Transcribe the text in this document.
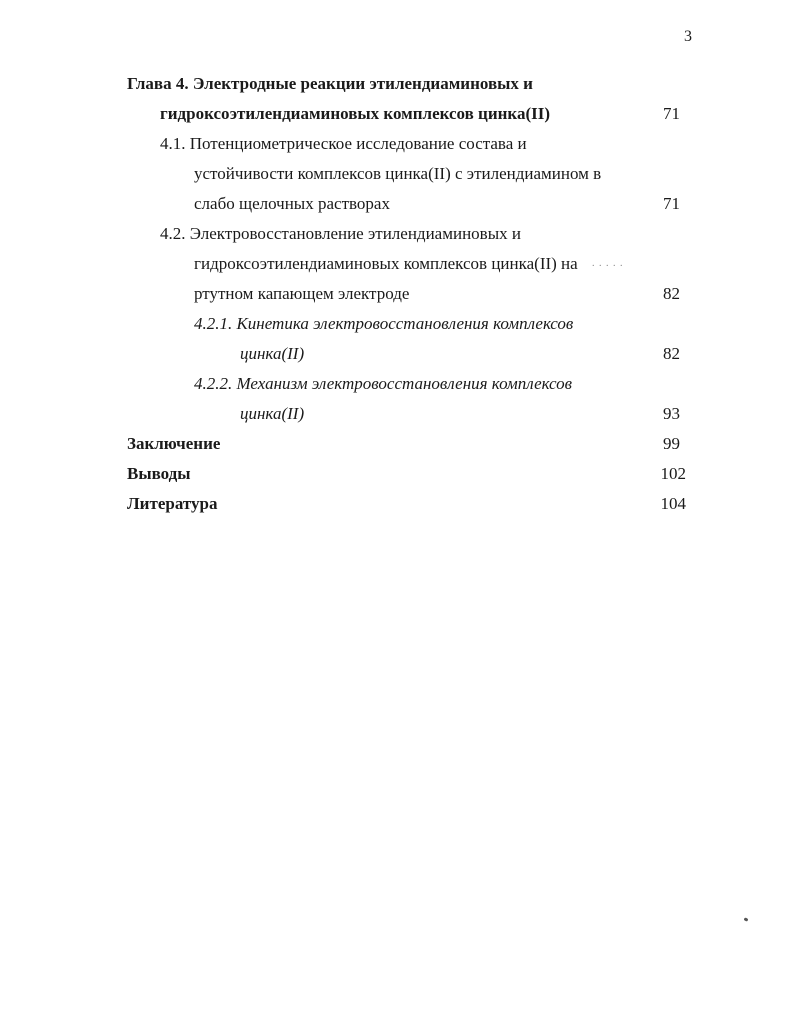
3
Глава 4. Электродные реакции этилендиаминовых и
гидроксоэтилендиаминовых комплексов цинка(II)	71
4.1. Потенциометрическое исследование состава и
устойчивости комплексов цинка(II) с этилендиамином в
слабо щелочных растворах	71
4.2. Электровосстановление этилендиаминовых и
гидроксоэтилендиаминовых комплексов цинка(II) на . . . . .
ртутном капающем электроде	82
4.2.1. Кинетика электровосстановления комплексов
цинка(II)	82
4.2.2. Механизм электровосстановления комплексов
цинка(II)	93
Заключение	99
Выводы	102
Литература	104
